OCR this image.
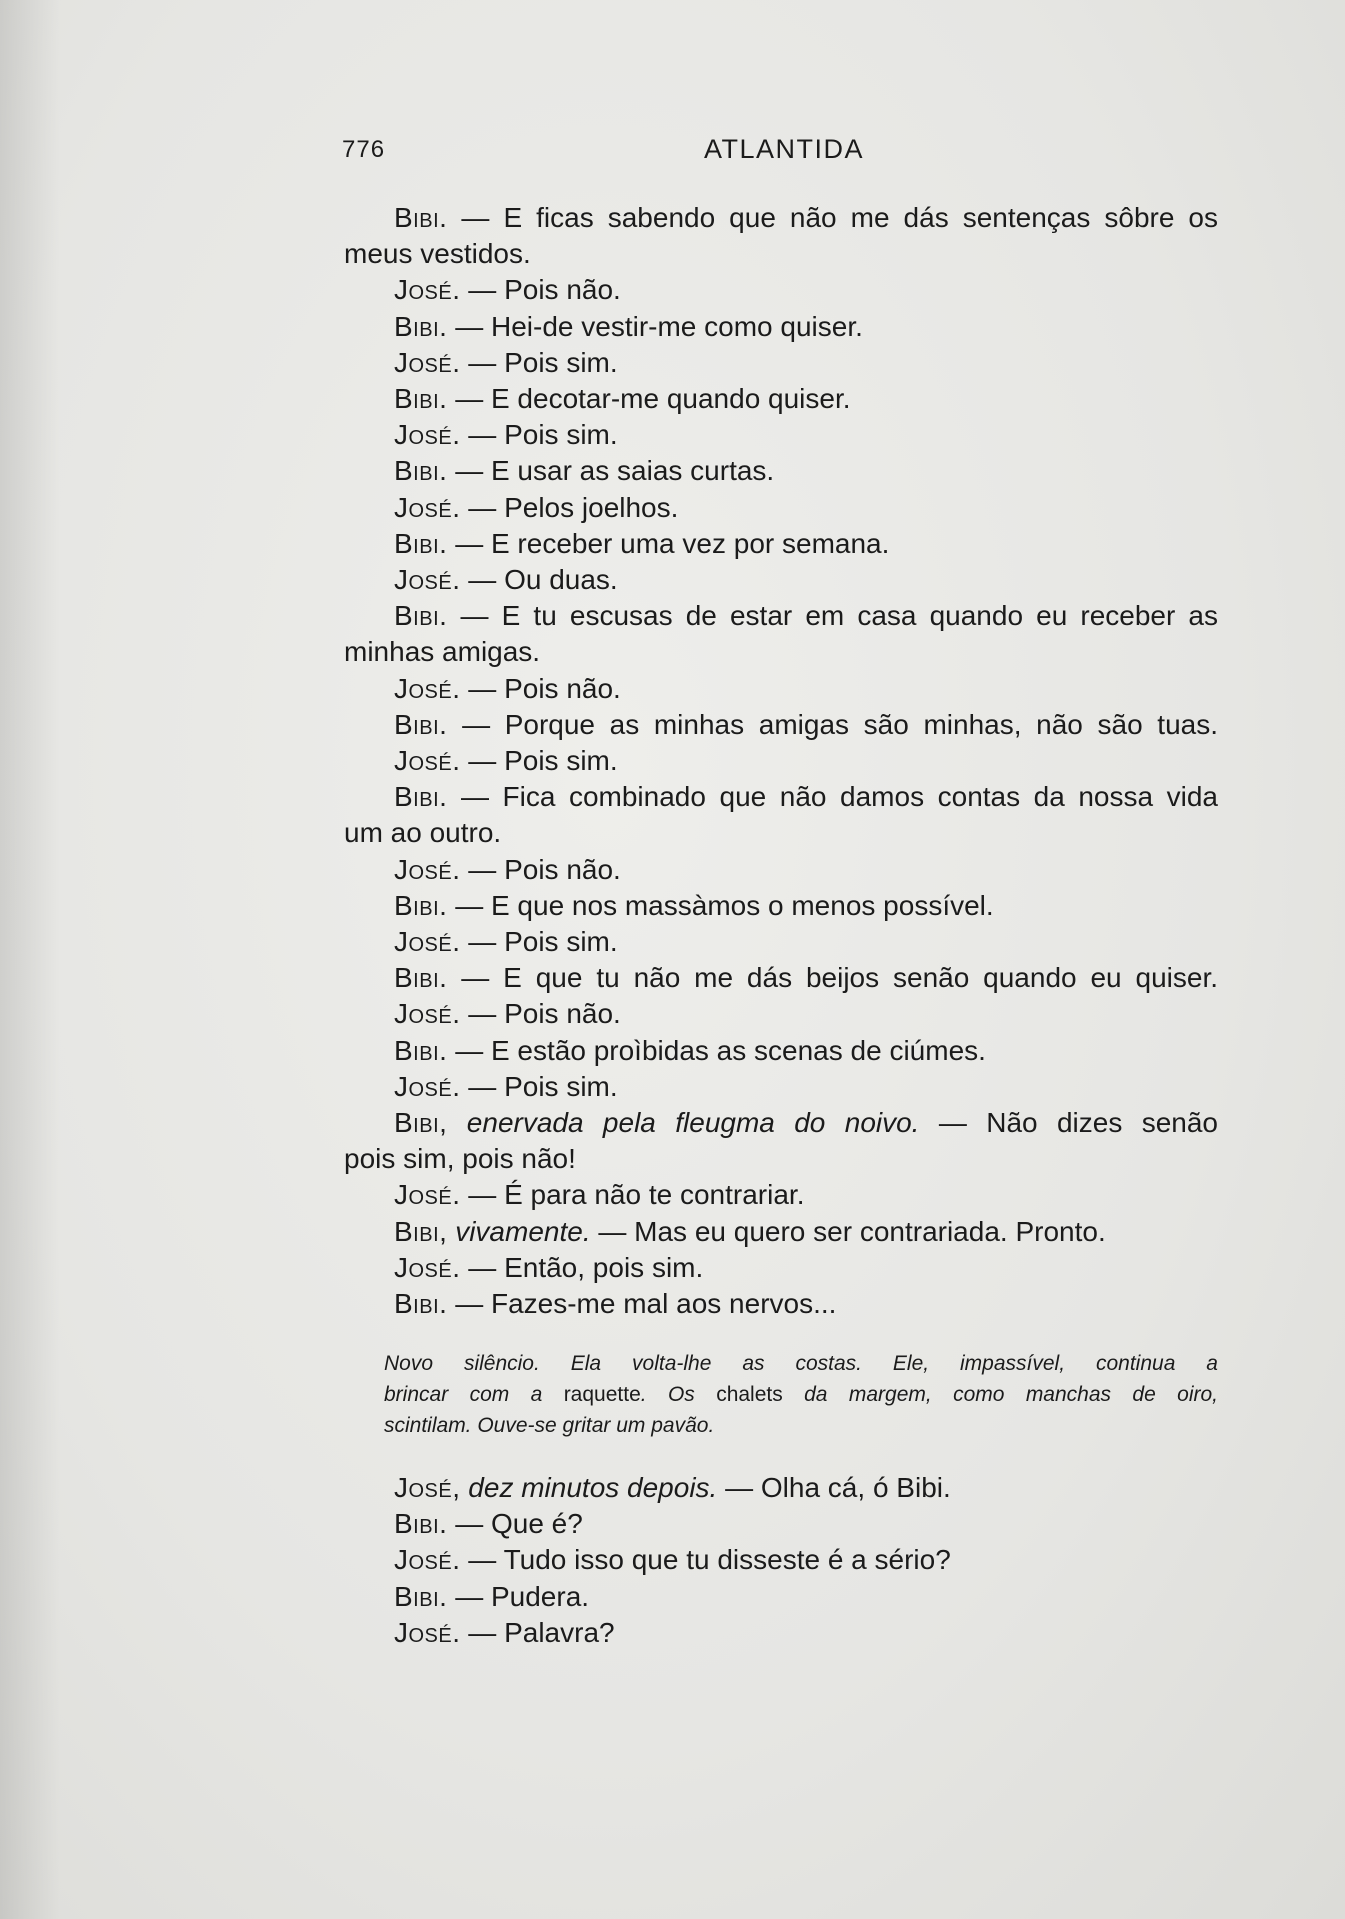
776	ATLANTIDA
Bibi. — E ficas sabendo que não me dás sentenças sôbre os
meus vestidos.
José. — Pois não.
Bibi. — Hei-de vestir-me como quiser.
José. — Pois sim.
Bibi. — E decotar-me quando quiser.
José. — Pois sim.
Bibi. — E usar as saias curtas.
José. — Pelos joelhos.
Bibi. — E receber uma vez por semana.
José. — Ou duas.
Bibi. — E tu escusas de estar em casa quando eu receber as
minhas amigas.
José. — Pois não.
Bibi. — Porque as minhas amigas são minhas, não são tuas.
José. — Pois sim.
Bibi. — Fica combinado que não damos contas da nossa vida
um ao outro.
José. — Pois não.
Bibi. — E que nos massàmos o menos possível.
José. — Pois sim.
Bibi. — E que tu não me dás beijos senão quando eu quiser.
José. — Pois não.
Bibi. — E estão proìbidas as scenas de ciúmes.
José. — Pois sim.
Bibi, enervada pela fleugma do noivo. — Não dizes senão
pois sim, pois não!
José. — É para não te contrariar.
Bibi, vivamente. — Mas eu quero ser contrariada. Pronto.
José. — Então, pois sim.
Bibi. — Fazes-me mal aos nervos...
Novo silêncio. Ela volta-lhe as costas. Ele, impassível, continua a
brincar com a raquette. Os chalets da margem, como manchas de oiro,
scintilam. Ouve-se gritar um pavão.
José, dez minutos depois. — Olha cá, ó Bibi.
Bibi. — Que é?
José. — Tudo isso que tu disseste é a sério?
Bibi. — Pudera.
José. — Palavra?
